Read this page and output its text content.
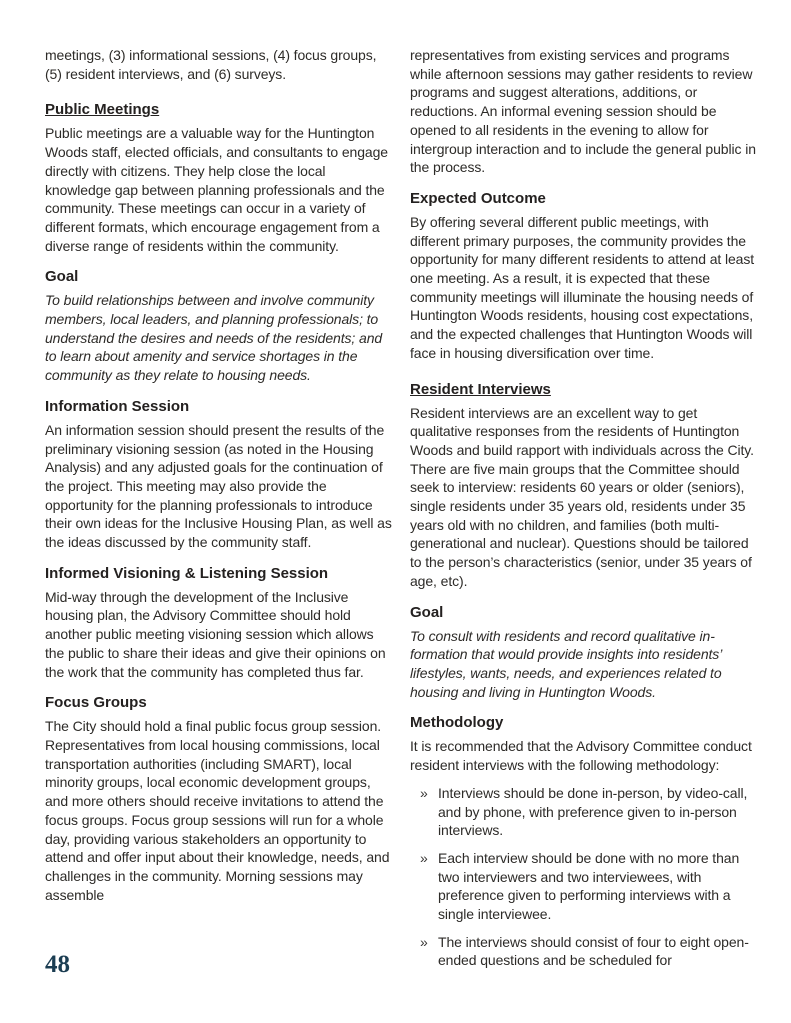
meetings, (3) informational sessions, (4) focus groups, (5) resident interviews, and (6) surveys.

Public Meetings

Public meetings are a valuable way for the Huntington Woods staff, elected officials, and consultants to engage directly with citizens. They help close the local knowledge gap between planning professionals and the community. These meetings can occur in a variety of different formats, which encourage engagement from a diverse range of residents within the community.

Goal

To build relationships between and involve community members, local leaders, and planning professionals; to understand the desires and needs of the residents; and to learn about amenity and service shortages in the community as they relate to housing needs.

Information Session

An information session should present the results of the preliminary visioning session (as noted in the Housing Analysis) and any adjusted goals for the continuation of the project. This meeting may also provide the opportunity for the planning professionals to introduce their own ideas for the Inclusive Housing Plan, as well as the ideas discussed by the community staff.

Informed Visioning & Listening Session

Mid-way through the development of the Inclusive housing plan, the Advisory Committee should hold another public meeting visioning session which allows the public to share their ideas and give their opinions on the work that the community has completed thus far.

Focus Groups

The City should hold a final public focus group session. Representatives from local housing commissions, local transportation authorities (including SMART), local minority groups, local economic development groups, and more others should receive invitations to attend the focus groups. Focus group sessions will run for a whole day, providing various stakeholders an opportunity to attend and offer input about their knowledge, needs, and challenges in the community. Morning sessions may assemble

representatives from existing services and programs while afternoon sessions may gather residents to review programs and suggest alterations, additions, or reductions. An informal evening session should be opened to all residents in the evening to allow for intergroup interaction and to include the general public in the process.

Expected Outcome

By offering several different public meetings, with different primary purposes, the community provides the opportunity for many different residents to attend at least one meeting. As a result, it is expected that these community meetings will illuminate the housing needs of Huntington Woods residents, housing cost expectations, and the expected challenges that Huntington Woods will face in housing diversification over time.

Resident Interviews

Resident interviews are an excellent way to get qualitative responses from the residents of Huntington Woods and build rapport with individuals across the City. There are five main groups that the Committee should seek to interview: residents 60 years or older (seniors), single residents under 35 years old, residents under 35 years old with no children, and families (both multi-generational and nuclear). Questions should be tailored to the person’s characteristics (senior, under 35 years of age, etc).

Goal

To consult with residents and record qualitative information that would provide insights into residents’ lifestyles, wants, needs, and experiences related to housing and living in Huntington Woods.

Methodology

It is recommended that the Advisory Committee conduct resident interviews with the following methodology:

» Interviews should be done in-person, by video-call, and by phone, with preference given to in-person interviews.
» Each interview should be done with no more than two interviewers and two interviewees, with preference given to performing interviews with a single interviewee.
» The interviews should consist of four to eight open-ended questions and be scheduled for
48
